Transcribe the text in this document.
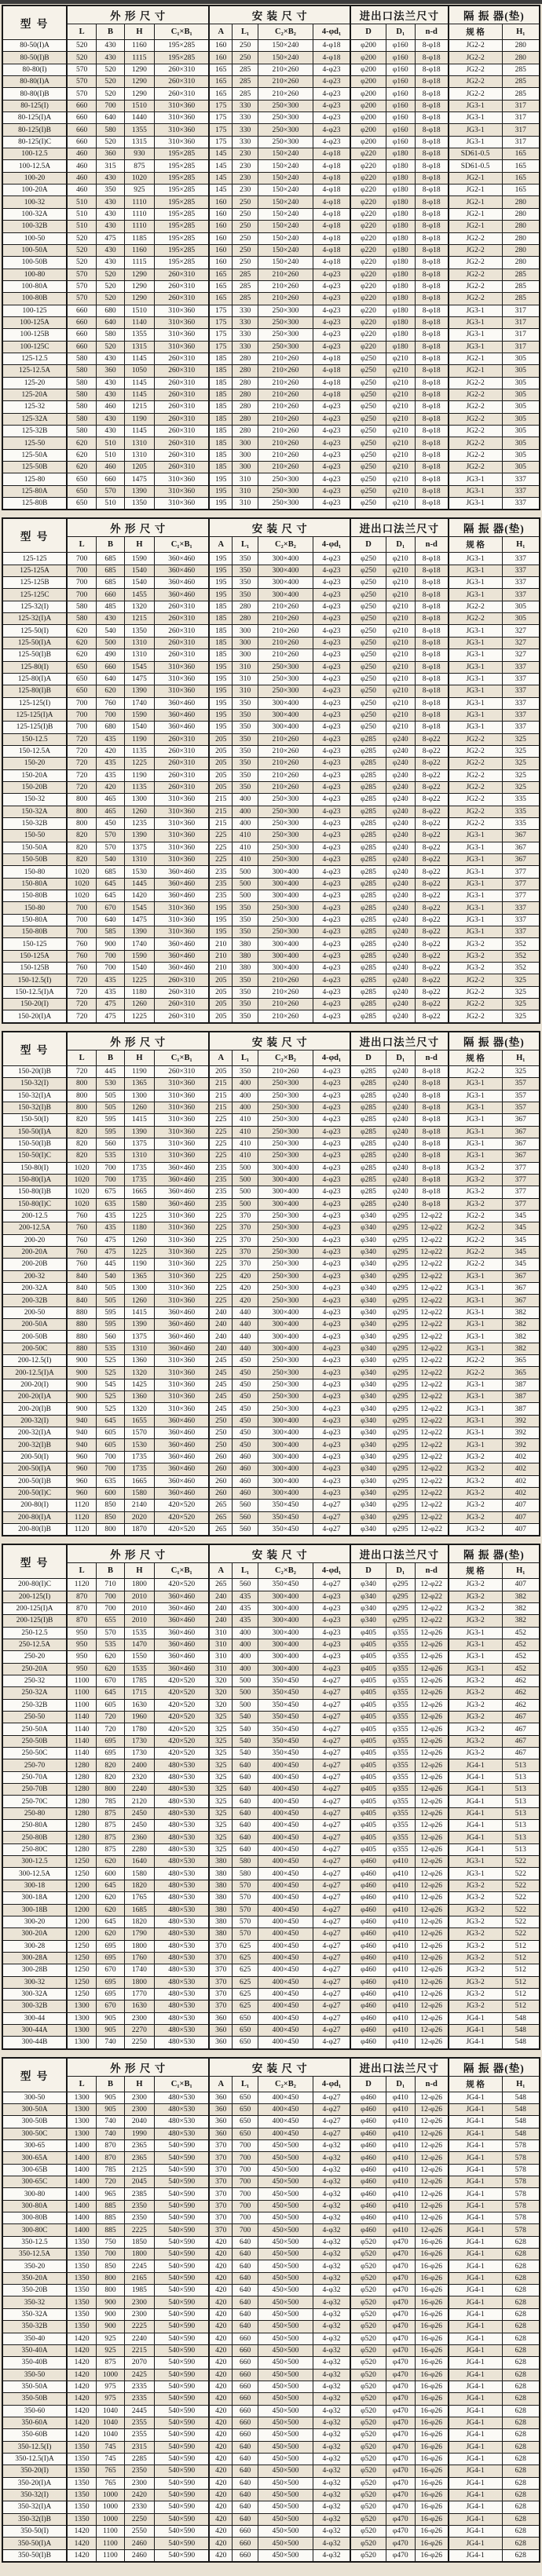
型 号	外 形 尺 寸				安 装 尺 寸				进出口法兰尺寸			隔 振 器(垫)	
	L	B	H	C₁×B₁	A	L₁	C₂×B₂	4-φd₁	D	D₁	n-d	规 格	H₁
80-50(I)A	520	430	1160	195×285	160	250	150×240	4-φ18	φ200	φ160	8-φ18	JG2-2	280
80-50(I)B	520	430	1115	195×285	160	250	150×240	4-φ18	φ200	φ160	8-φ18	JG2-2	280
80-80(I)	570	520	1290	260×310	165	285	210×260	4-φ23	φ200	φ160	8-φ18	JG2-2	285
80-80(I)A	570	520	1290	260×310	165	285	210×260	4-φ23	φ200	φ160	8-φ18	JG2-2	285
80-80(I)B	570	520	1290	260×310	165	285	210×260	4-φ23	φ200	φ160	8-φ18	JG2-2	285
80-125(I)	660	700	1510	310×360	175	330	250×300	4-φ23	φ200	φ160	8-φ18	JG3-1	317
80-125(I)A	660	640	1440	310×360	175	330	250×300	4-φ23	φ200	φ160	8-φ18	JG3-1	317
80-125(I)B	660	580	1355	310×360	175	330	250×300	4-φ23	φ200	φ160	8-φ18	JG3-1	317
80-125(I)C	660	520	1315	310×360	175	330	250×300	4-φ23	φ200	φ160	8-φ18	JG3-1	317
100-12.5	460	360	930	195×285	145	230	150×240	4-φ18	φ220	φ180	8-φ18	SD61-0.5	165
100-12.5A	460	315	875	195×285	145	230	150×240	4-φ18	φ220	φ180	8-φ18	SD61-0.5	165
100-20	460	430	1020	195×285	145	230	150×240	4-φ18	φ220	φ180	8-φ18	JG2-1	165
100-20A	460	350	925	195×285	145	230	150×240	4-φ18	φ220	φ180	8-φ18	JG2-1	165
100-32	510	430	1110	195×285	160	250	150×240	4-φ18	φ220	φ180	8-φ18	JG2-1	280
100-32A	510	430	1110	195×285	160	250	150×240	4-φ18	φ220	φ180	8-φ18	JG2-1	280
100-32B	510	430	1110	195×285	160	250	150×240	4-φ18	φ220	φ180	8-φ18	JG2-1	280
100-50	520	475	1185	195×285	160	250	150×240	4-φ18	φ220	φ180	8-φ18	JG2-2	280
100-50A	520	430	1160	195×285	160	250	150×240	4-φ18	φ220	φ180	8-φ18	JG2-2	280
100-50B	520	430	1115	195×285	160	250	150×240	4-φ18	φ220	φ180	8-φ18	JG2-2	280
100-80	570	520	1290	260×310	165	285	210×260	4-φ23	φ220	φ180	8-φ18	JG2-2	285
100-80A	570	520	1290	260×310	165	285	210×260	4-φ23	φ220	φ180	8-φ18	JG2-2	285
100-80B	570	520	1290	260×310	165	285	210×260	4-φ23	φ220	φ180	8-φ18	JG2-2	285
100-125	660	680	1510	310×360	175	330	250×300	4-φ23	φ220	φ180	8-φ18	JG3-1	317
100-125A	660	640	1140	310×360	175	330	250×300	4-φ23	φ220	φ180	8-φ18	JG3-1	317
100-125B	660	580	1355	310×360	175	330	250×300	4-φ23	φ220	φ180	8-φ18	JG3-1	317
100-125C	660	520	1315	310×360	175	330	250×300	4-φ23	φ220	φ180	8-φ18	JG3-1	317
125-12.5	580	430	1145	260×310	185	280	210×260	4-φ18	φ250	φ210	8-φ18	JG2-1	305
125-12.5A	580	360	1050	260×310	185	280	210×260	4-φ18	φ250	φ210	8-φ18	JG2-1	305
125-20	580	430	1145	260×310	185	280	210×260	4-φ18	φ250	φ210	8-φ18	JG2-2	305
125-20A	580	430	1145	260×310	185	280	210×260	4-φ18	φ250	φ210	8-φ18	JG2-2	305
125-32	580	460	1215	260×310	185	280	210×260	4-φ23	φ250	φ210	8-φ18	JG2-2	305
125-32A	580	430	1190	260×310	185	280	210×260	4-φ23	φ250	φ210	8-φ18	JG2-2	305
125-32B	580	430	1145	260×310	185	280	210×260	4-φ23	φ250	φ210	8-φ18	JG2-2	305
125-50	620	510	1310	260×310	185	300	210×260	4-φ23	φ250	φ210	8-φ18	JG2-2	305
125-50A	620	510	1310	260×310	185	300	210×260	4-φ23	φ250	φ210	8-φ18	JG2-2	305
125-50B	620	460	1205	260×310	185	300	210×260	4-φ23	φ250	φ210	8-φ18	JG2-2	305
125-80	650	660	1475	310×360	195	310	250×300	4-φ23	φ250	φ210	8-φ18	JG3-1	337
125-80A	650	570	1390	310×360	195	310	250×300	4-φ23	φ250	φ210	8-φ18	JG3-1	337
125-80B	650	510	1350	310×360	195	310	250×300	4-φ23	φ250	φ210	8-φ18	JG3-1	337
型 号	外 形 尺 寸				安 装 尺 寸				进出口法兰尺寸			隔 振 器(垫)	
	L	B	H	C₁×B₁	A	L₁	C₂×B₂	4-φd₁	D	D₁	n-d	规 格	H₁
125-125	700	685	1590	360×460	195	350	300×400	4-φ23	φ250	φ210	8-φ18	JG3-1	337
125-125A	700	685	1540	360×460	195	350	300×400	4-φ23	φ250	φ210	8-φ18	JG3-1	337
125-125B	700	685	1540	360×460	195	350	300×400	4-φ23	φ250	φ210	8-φ18	JG3-1	337
125-125C	700	660	1455	360×460	195	350	300×400	4-φ23	φ250	φ210	8-φ18	JG3-1	337
125-32(I)	580	485	1320	260×310	185	280	210×260	4-φ23	φ250	φ210	8-φ18	JG2-2	305
125-32(I)A	580	430	1215	260×310	185	280	210×260	4-φ23	φ250	φ210	8-φ18	JG2-2	305
125-50(I)	620	540	1350	260×310	185	300	210×260	4-φ23	φ250	φ210	8-φ18	JG3-1	327
125-50(I)A	620	500	1310	260×310	185	300	210×260	4-φ23	φ250	φ210	8-φ18	JG3-1	327
125-50(I)B	620	490	1310	260×310	185	300	210×260	4-φ23	φ250	φ210	8-φ18	JG3-1	327
125-80(I)	650	660	1545	310×360	195	310	250×300	4-φ23	φ250	φ210	8-φ18	JG3-1	337
125-80(I)A	650	640	1475	310×360	195	310	250×300	4-φ23	φ250	φ210	8-φ18	JG3-1	337
125-80(I)B	650	620	1390	310×360	195	310	250×300	4-φ23	φ250	φ210	8-φ18	JG3-1	337
125-125(I)	700	760	1740	360×460	195	350	300×400	4-φ23	φ250	φ210	8-φ18	JG3-1	337
125-125(I)A	700	700	1590	360×460	195	350	300×400	4-φ23	φ250	φ210	8-φ18	JG3-1	337
125-125(I)B	700	680	1540	360×460	195	350	300×400	4-φ23	φ250	φ210	8-φ18	JG3-1	337
150-12.5	720	435	1190	260×310	205	350	210×260	4-φ23	φ285	φ240	8-φ22	JG2-2	325
150-12.5A	720	420	1135	260×310	205	350	210×260	4-φ23	φ285	φ240	8-φ22	JG2-2	325
150-20	720	435	1225	260×310	205	350	210×260	4-φ23	φ285	φ240	8-φ22	JG2-2	325
150-20A	720	435	1190	260×310	205	350	210×260	4-φ23	φ285	φ240	8-φ22	JG2-2	325
150-20B	720	420	1135	260×310	205	350	210×260	4-φ23	φ285	φ240	8-φ22	JG2-2	325
150-32	800	465	1300	310×360	215	400	250×300	4-φ23	φ285	φ240	8-φ22	JG2-2	335
150-32A	800	465	1260	310×360	215	400	250×300	4-φ23	φ285	φ240	8-φ22	JG2-2	335
150-32B	800	450	1235	310×360	215	400	250×300	4-φ23	φ285	φ240	8-φ22	JG2-2	335
150-50	820	570	1390	310×360	225	410	250×300	4-φ23	φ285	φ240	8-φ22	JG3-1	367
150-50A	820	570	1375	310×360	225	410	250×300	4-φ23	φ285	φ240	8-φ22	JG3-1	367
150-50B	820	540	1310	310×360	225	410	250×300	4-φ23	φ285	φ240	8-φ22	JG3-1	367
150-80	1020	685	1530	360×460	235	500	300×400	4-φ23	φ285	φ240	8-φ22	JG3-1	377
150-80A	1020	645	1445	360×460	235	500	300×400	4-φ23	φ285	φ240	8-φ22	JG3-1	377
150-80B	1020	645	1420	360×460	235	500	300×400	4-φ23	φ285	φ240	8-φ22	JG3-1	377
150-80	700	670	1545	310×360	195	350	250×300	4-φ23	φ285	φ240	8-φ22	JG3-1	337
150-80A	700	640	1475	310×360	195	350	250×300	4-φ23	φ285	φ240	8-φ22	JG3-1	337
150-80B	700	585	1390	310×360	195	350	250×300	4-φ23	φ285	φ240	8-φ22	JG3-1	337
150-125	760	900	1740	360×460	210	380	300×400	4-φ23	φ285	φ240	8-φ22	JG3-2	352
150-125A	760	700	1590	360×460	210	380	300×400	4-φ23	φ285	φ240	8-φ22	JG3-2	352
150-125B	760	700	1540	360×460	210	380	300×400	4-φ23	φ285	φ240	8-φ22	JG3-2	352
150-12.5(I)	720	435	1225	260×310	205	350	210×260	4-φ23	φ285	φ240	8-φ22	JG2-2	325
150-12.5(I)A	720	435	1180	260×310	205	350	210×260	4-φ23	φ285	φ240	8-φ22	JG2-2	325
150-20(I)	720	475	1260	260×310	205	350	210×260	4-φ23	φ285	φ240	8-φ22	JG2-2	325
150-20(I)A	720	475	1225	260×310	205	350	210×260	4-φ23	φ285	φ240	8-φ22	JG2-2	325
型 号	外 形 尺 寸				安 装 尺 寸				进出口法兰尺寸			隔 振 器(垫)	
	L	B	H	C₁×B₁	A	L₁	C₂×B₂	4-φd₁	D	D₁	n-d	规 格	H₁
150-20(I)B	720	445	1190	260×310	205	350	210×260	4-φ23	φ285	φ240	8-φ18	JG2-2	325
150-32(I)	800	530	1365	310×360	215	400	250×300	4-φ23	φ285	φ240	8-φ18	JG3-1	357
150-32(I)A	800	505	1300	310×360	215	400	250×300	4-φ23	φ285	φ240	8-φ18	JG3-1	357
150-32(I)B	800	505	1260	310×360	215	400	250×300	4-φ23	φ285	φ240	8-φ18	JG3-1	357
150-50(I)	820	595	1415	310×360	225	410	250×300	4-φ23	φ285	φ240	8-φ18	JG3-1	367
150-50(I)A	820	595	1390	310×360	225	410	250×300	4-φ23	φ285	φ240	8-φ18	JG3-1	367
150-50(I)B	820	560	1375	310×360	225	410	250×300	4-φ23	φ285	φ240	8-φ18	JG3-1	367
150-50(I)C	820	535	1310	310×360	225	410	250×300	4-φ23	φ285	φ240	8-φ18	JG3-1	367
150-80(I)	1020	700	1735	360×460	235	500	300×400	4-φ23	φ285	φ240	8-φ18	JG3-2	377
150-80(I)A	1020	700	1735	360×460	235	500	300×400	4-φ23	φ285	φ240	8-φ18	JG3-2	377
150-80(I)B	1020	675	1665	360×460	235	500	300×400	4-φ23	φ285	φ240	8-φ18	JG3-2	377
150-80(I)C	1020	635	1580	360×460	235	500	300×400	4-φ23	φ285	φ240	8-φ18	JG3-2	377
200-12.5	760	435	1225	310×360	225	370	250×300	4-φ23	φ340	φ295	12-φ22	JG2-2	345
200-12.5A	760	435	1180	310×360	225	370	250×300	4-φ23	φ340	φ295	12-φ22	JG2-2	345
200-20	760	475	1260	310×360	225	370	250×300	4-φ23	φ340	φ295	12-φ22	JG2-2	345
200-20A	760	475	1225	310×360	225	370	250×300	4-φ23	φ340	φ295	12-φ22	JG2-2	345
200-20B	760	445	1190	310×360	225	370	250×300	4-φ23	φ340	φ295	12-φ22	JG2-2	345
200-32	840	540	1365	310×360	225	420	250×300	4-φ23	φ340	φ295	12-φ22	JG3-1	367
200-32A	840	505	1300	310×360	225	420	250×300	4-φ23	φ340	φ295	12-φ22	JG3-1	367
200-32B	840	505	1260	310×360	225	420	250×300	4-φ23	φ340	φ295	12-φ22	JG3-1	367
200-50	880	595	1415	360×460	240	440	300×400	4-φ23	φ340	φ295	12-φ22	JG3-1	382
200-50A	880	595	1390	360×460	240	440	300×400	4-φ23	φ340	φ295	12-φ22	JG3-1	382
200-50B	880	560	1375	360×460	240	440	300×400	4-φ23	φ340	φ295	12-φ22	JG3-1	382
200-50C	880	535	1310	360×460	240	440	300×400	4-φ23	φ340	φ295	12-φ22	JG3-1	382
200-12.5(I)	900	525	1360	310×360	245	450	250×300	4-φ23	φ340	φ295	12-φ22	JG2-2	365
200-12.5(I)A	900	525	1320	310×360	245	450	250×300	4-φ23	φ340	φ295	12-φ22	JG2-2	365
200-20(I)	900	545	1425	310×360	245	450	250×300	4-φ23	φ340	φ295	12-φ22	JG3-1	387
200-20(I)A	900	525	1360	310×360	245	450	250×300	4-φ23	φ340	φ295	12-φ22	JG3-1	387
200-20(I)B	900	525	1320	310×360	245	450	250×300	4-φ23	φ340	φ295	12-φ22	JG3-1	387
200-32(I)	940	645	1655	360×460	250	450	300×400	4-φ23	φ340	φ295	12-φ22	JG3-1	392
200-32(I)A	940	605	1570	360×460	250	450	300×400	4-φ23	φ340	φ295	12-φ22	JG3-1	392
200-32(I)B	940	605	1530	360×460	250	450	300×400	4-φ23	φ340	φ295	12-φ22	JG3-1	392
200-50(I)	960	700	1735	360×460	260	460	300×400	4-φ23	φ340	φ295	12-φ22	JG3-2	402
200-50(I)A	960	700	1735	360×460	260	460	300×400	4-φ23	φ340	φ295	12-φ22	JG3-2	402
200-50(I)B	960	635	1665	360×460	260	460	300×400	4-φ23	φ340	φ295	12-φ22	JG3-2	402
200-50(I)C	960	600	1580	360×460	260	460	300×400	4-φ23	φ340	φ295	12-φ22	JG3-2	402
200-80(I)	1120	850	2140	420×520	265	560	350×450	4-φ27	φ340	φ295	12-φ22	JG3-2	407
200-80(I)A	1120	850	2020	420×520	265	560	350×450	4-φ27	φ340	φ295	12-φ22	JG3-2	407
200-80(I)B	1120	800	1870	420×520	265	560	350×450	4-φ27	φ340	φ295	12-φ22	JG3-2	407
型 号	外 形 尺 寸				安 装 尺 寸				进出口法兰尺寸			隔 振 器(垫)	
	L	B	H	C₁×B₁	A	L₁	C₂×B₂	4-φd₁	D	D₁	n-d	规 格	H₁
200-80(I)C	1120	710	1800	420×520	265	560	350×450	4-φ27	φ340	φ295	12-φ22	JG3-2	407
200-125(I)	870	700	2010	360×460	240	435	300×400	4-φ23	φ340	φ295	12-φ22	JG3-2	382
200-125(I)A	870	700	2010	360×460	240	435	300×400	4-φ23	φ340	φ295	12-φ22	JG3-2	382
200-125(I)B	870	655	2010	360×460	240	435	300×400	4-φ23	φ340	φ295	12-φ22	JG3-2	382
250-12.5	950	570	1535	360×460	310	400	300×400	4-φ23	φ405	φ355	12-φ26	JG3-1	452
250-12.5A	950	535	1470	360×460	310	400	300×400	4-φ23	φ405	φ355	12-φ26	JG3-1	452
250-20	950	620	1550	360×460	310	400	300×400	4-φ23	φ405	φ355	12-φ26	JG3-1	452
250-20A	950	620	1535	360×460	310	400	300×400	4-φ23	φ405	φ355	12-φ26	JG3-1	452
250-32	1100	670	1785	420×520	320	500	350×450	4-φ27	φ405	φ355	12-φ26	JG3-2	462
250-32A	1100	645	1715	420×520	320	500	350×450	4-φ27	φ405	φ355	12-φ26	JG3-2	462
250-32B	1100	605	1630	420×520	320	500	350×450	4-φ27	φ405	φ355	12-φ26	JG3-2	462
250-50	1140	720	1960	420×520	325	540	350×450	4-φ27	φ405	φ355	12-φ26	JG3-2	467
250-50A	1140	720	1780	420×520	325	540	350×450	4-φ27	φ405	φ355	12-φ26	JG3-2	467
250-50B	1140	695	1730	420×520	325	540	350×450	4-φ27	φ405	φ355	12-φ26	JG3-2	467
250-50C	1140	695	1730	420×520	325	540	350×450	4-φ27	φ405	φ355	12-φ26	JG3-2	467
250-70	1280	820	2400	480×530	325	640	400×450	4-φ27	φ405	φ355	12-φ26	JG4-1	513
250-70A	1280	820	2320	480×530	325	640	400×450	4-φ27	φ405	φ355	12-φ26	JG4-1	513
250-70B	1280	800	2240	480×530	325	640	400×450	4-φ27	φ405	φ355	12-φ26	JG4-1	513
250-70C	1280	785	2120	480×530	325	640	400×450	4-φ27	φ405	φ355	12-φ26	JG4-1	513
250-80	1280	875	2450	480×530	325	640	400×450	4-φ27	φ405	φ355	12-φ26	JG4-1	513
250-80A	1280	875	2450	480×530	325	640	400×450	4-φ27	φ405	φ355	12-φ26	JG4-1	513
250-80B	1280	875	2360	480×530	325	640	400×450	4-φ27	φ405	φ355	12-φ26	JG4-1	513
250-80C	1280	875	2280	480×530	325	640	400×450	4-φ27	φ405	φ355	12-φ26	JG4-1	513
300-12.5	1250	620	1640	480×530	380	580	400×450	4-φ27	φ460	φ410	12-φ26	JG3-1	522
300-12.5A	1250	600	1580	480×530	380	580	400×450	4-φ27	φ460	φ410	12-φ26	JG3-1	522
300-18	1200	645	1820	480×530	380	570	400×450	4-φ27	φ460	φ410	12-φ26	JG3-2	522
300-18A	1200	620	1765	480×530	380	570	400×450	4-φ27	φ460	φ410	12-φ26	JG3-2	522
300-18B	1200	620	1685	480×530	380	570	400×450	4-φ27	φ460	φ410	12-φ26	JG3-2	522
300-20	1200	645	1820	480×530	380	570	400×450	4-φ27	φ460	φ410	12-φ26	JG3-2	522
300-20A	1200	620	1790	480×530	380	570	400×450	4-φ27	φ460	φ410	12-φ26	JG3-2	522
300-28	1250	695	1800	480×530	370	625	400×450	4-φ27	φ460	φ410	12-φ26	JG3-2	512
300-28A	1250	695	1760	480×530	370	625	400×450	4-φ27	φ460	φ410	12-φ26	JG3-2	512
300-28B	1250	670	1740	480×530	370	625	400×450	4-φ27	φ460	φ410	12-φ26	JG3-2	512
300-32	1250	695	1800	480×530	370	625	400×450	4-φ27	φ460	φ410	12-φ26	JG3-2	512
300-32A	1250	695	1770	480×530	370	625	400×450	4-φ27	φ460	φ410	12-φ26	JG3-2	512
300-32B	1300	670	1630	480×530	370	625	400×450	4-φ27	φ460	φ410	12-φ26	JG3-2	512
300-44	1300	905	2300	480×530	360	650	400×450	4-φ27	φ460	φ410	12-φ26	JG4-1	548
300-44A	1300	905	2270	480×530	360	650	400×450	4-φ27	φ460	φ410	12-φ26	JG4-1	548
300-44B	1300	740	2250	480×530	360	650	400×450	4-φ27	φ460	φ410	12-φ26	JG4-1	548
型 号	外 形 尺 寸				安 装 尺 寸				进出口法兰尺寸			隔 振 器(垫)	
	L	B	H	C₁×B₁	A	L₁	C₂×B₂	4-φd₁	D	D₁	n-d	规 格	H₁
300-50	1300	905	2300	480×530	360	650	400×450	4-φ27	φ460	φ410	12-φ26	JG4-1	548
300-50A	1300	905	2300	480×530	360	650	400×450	4-φ27	φ460	φ410	12-φ26	JG4-1	548
300-50B	1300	740	2040	480×530	360	650	400×450	4-φ27	φ460	φ410	12-φ26	JG4-1	548
300-50C	1300	740	1990	480×530	360	650	400×450	4-φ27	φ460	φ410	12-φ26	JG4-1	548
300-65	1400	870	2365	540×590	370	700	450×500	4-φ32	φ460	φ410	12-φ26	JG4-1	578
300-65A	1400	870	2365	540×590	370	700	450×500	4-φ32	φ460	φ410	12-φ26	JG4-1	578
300-65B	1400	785	2125	540×590	370	700	450×500	4-φ32	φ460	φ410	12-φ26	JG4-1	578
300-65C	1400	720	2045	540×590	370	700	450×500	4-φ32	φ460	φ410	12-φ26	JG4-1	578
300-80	1400	965	2385	540×590	370	700	450×500	4-φ32	φ460	φ410	12-φ26	JG4-1	578
300-80A	1400	885	2350	540×590	370	700	450×500	4-φ32	φ460	φ410	12-φ26	JG4-1	578
300-80B	1400	885	2350	540×590	370	700	450×500	4-φ32	φ460	φ410	12-φ26	JG4-1	578
300-80C	1400	885	2225	540×590	370	700	450×500	4-φ32	φ460	φ410	12-φ26	JG4-1	578
350-12.5	1350	750	1850	540×590	420	640	450×500	4-φ32	φ520	φ470	16-φ26	JG4-1	628
350-12.5A	1350	700	1800	540×590	420	640	450×500	4-φ32	φ520	φ470	16-φ26	JG4-1	628
350-20	1350	850	2245	540×590	420	640	450×500	4-φ32	φ520	φ470	16-φ26	JG4-1	628
350-20A	1350	800	2165	540×590	420	640	450×500	4-φ32	φ520	φ470	16-φ26	JG4-1	628
350-20B	1350	800	1985	540×590	420	640	450×500	4-φ32	φ520	φ470	16-φ26	JG4-1	628
350-32	1350	900	2300	540×590	420	640	450×500	4-φ32	φ520	φ470	16-φ26	JG4-1	628
350-32A	1350	900	2300	540×590	420	640	450×500	4-φ32	φ520	φ470	16-φ26	JG4-1	628
350-32B	1350	900	2225	540×590	420	640	450×500	4-φ32	φ520	φ470	16-φ26	JG4-1	628
350-40	1420	925	2240	540×590	420	660	450×500	4-φ32	φ520	φ470	16-φ26	JG4-1	628
350-40A	1420	925	2215	540×590	420	660	450×500	4-φ32	φ520	φ470	16-φ26	JG4-1	628
350-40B	1420	875	2070	540×590	420	660	450×500	4-φ32	φ520	φ470	16-φ26	JG4-1	628
350-50	1420	1000	2425	540×590	420	660	450×500	4-φ32	φ520	φ470	16-φ26	JG4-1	628
350-50A	1420	975	2335	540×590	420	660	450×500	4-φ32	φ520	φ470	16-φ26	JG4-1	628
350-50B	1420	975	2335	540×590	420	660	450×500	4-φ32	φ520	φ470	16-φ26	JG4-1	628
350-60	1420	1040	2445	540×590	420	660	450×500	4-φ32	φ520	φ470	16-φ26	JG4-1	628
350-60A	1420	1040	2355	540×590	420	660	450×500	4-φ32	φ520	φ470	16-φ26	JG4-1	628
350-60B	1420	1040	2355	540×590	420	660	450×500	4-φ32	φ520	φ470	16-φ26	JG4-1	628
350-12.5(I)	1350	745	2315	540×590	420	640	450×500	4-φ32	φ520	φ470	16-φ26	JG4-1	628
350-12.5(I)A	1350	745	2285	540×590	420	640	450×500	4-φ32	φ520	φ470	16-φ26	JG4-1	628
350-20(I)	1350	765	2350	540×590	420	640	450×500	4-φ32	φ520	φ470	16-φ26	JG4-1	628
350-20(I)A	1350	765	2300	540×590	420	640	450×500	4-φ32	φ520	φ470	16-φ26	JG4-1	628
350-32(I)	1350	1000	2420	540×590	420	640	450×500	4-φ32	φ520	φ470	16-φ26	JG4-1	628
350-32(I)A	1350	1000	2330	540×590	420	640	450×500	4-φ32	φ520	φ470	16-φ26	JG4-1	628
350-32(I)B	1350	1000	2250	540×590	420	640	450×500	4-φ32	φ520	φ470	16-φ26	JG4-1	628
350-50(I)	1420	1100	2550	540×590	420	660	450×500	4-φ32	φ520	φ470	16-φ26	JG4-1	628
350-50(I)A	1420	1100	2460	540×590	420	660	450×500	4-φ32	φ520	φ470	16-φ26	JG4-1	628
350-50(I)B	1420	1100	2460	540×590	420	660	450×500	4-φ32	φ520	φ470	16-φ26	JG4-1	628
